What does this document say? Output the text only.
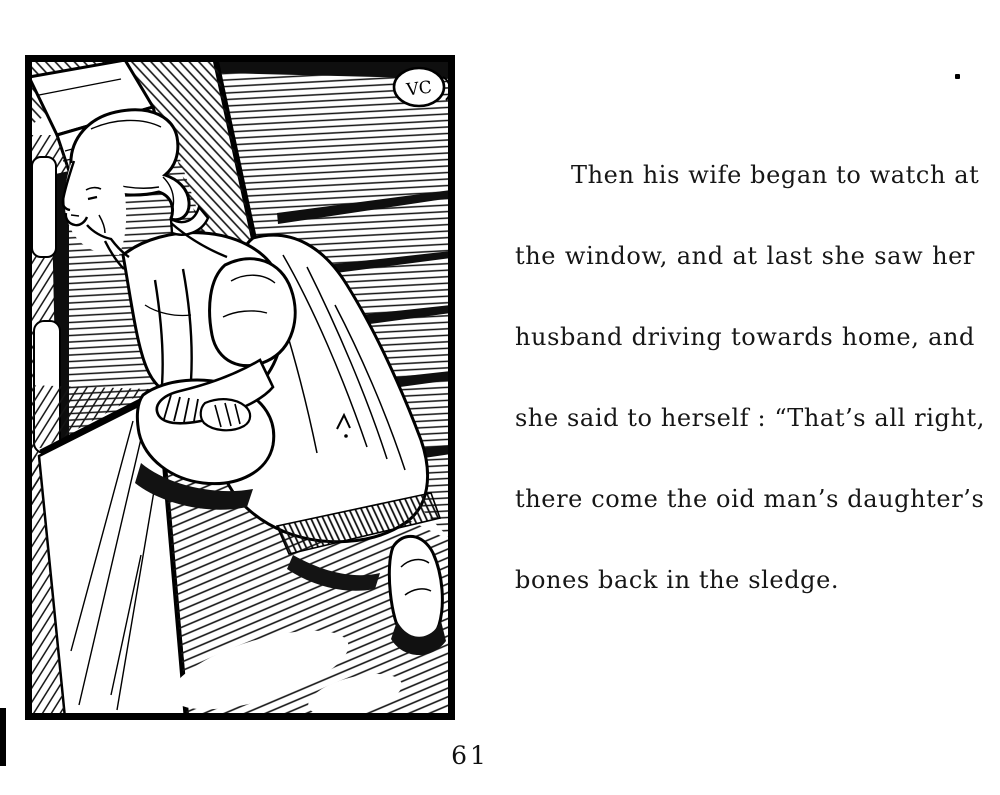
VC
Then his wife began to watch at
the window, and at last she saw her
husband driving towards home, and
she said to herself : “That’s all right,
there come the oid man’s daughter’s
bones back in the sledge.
61
